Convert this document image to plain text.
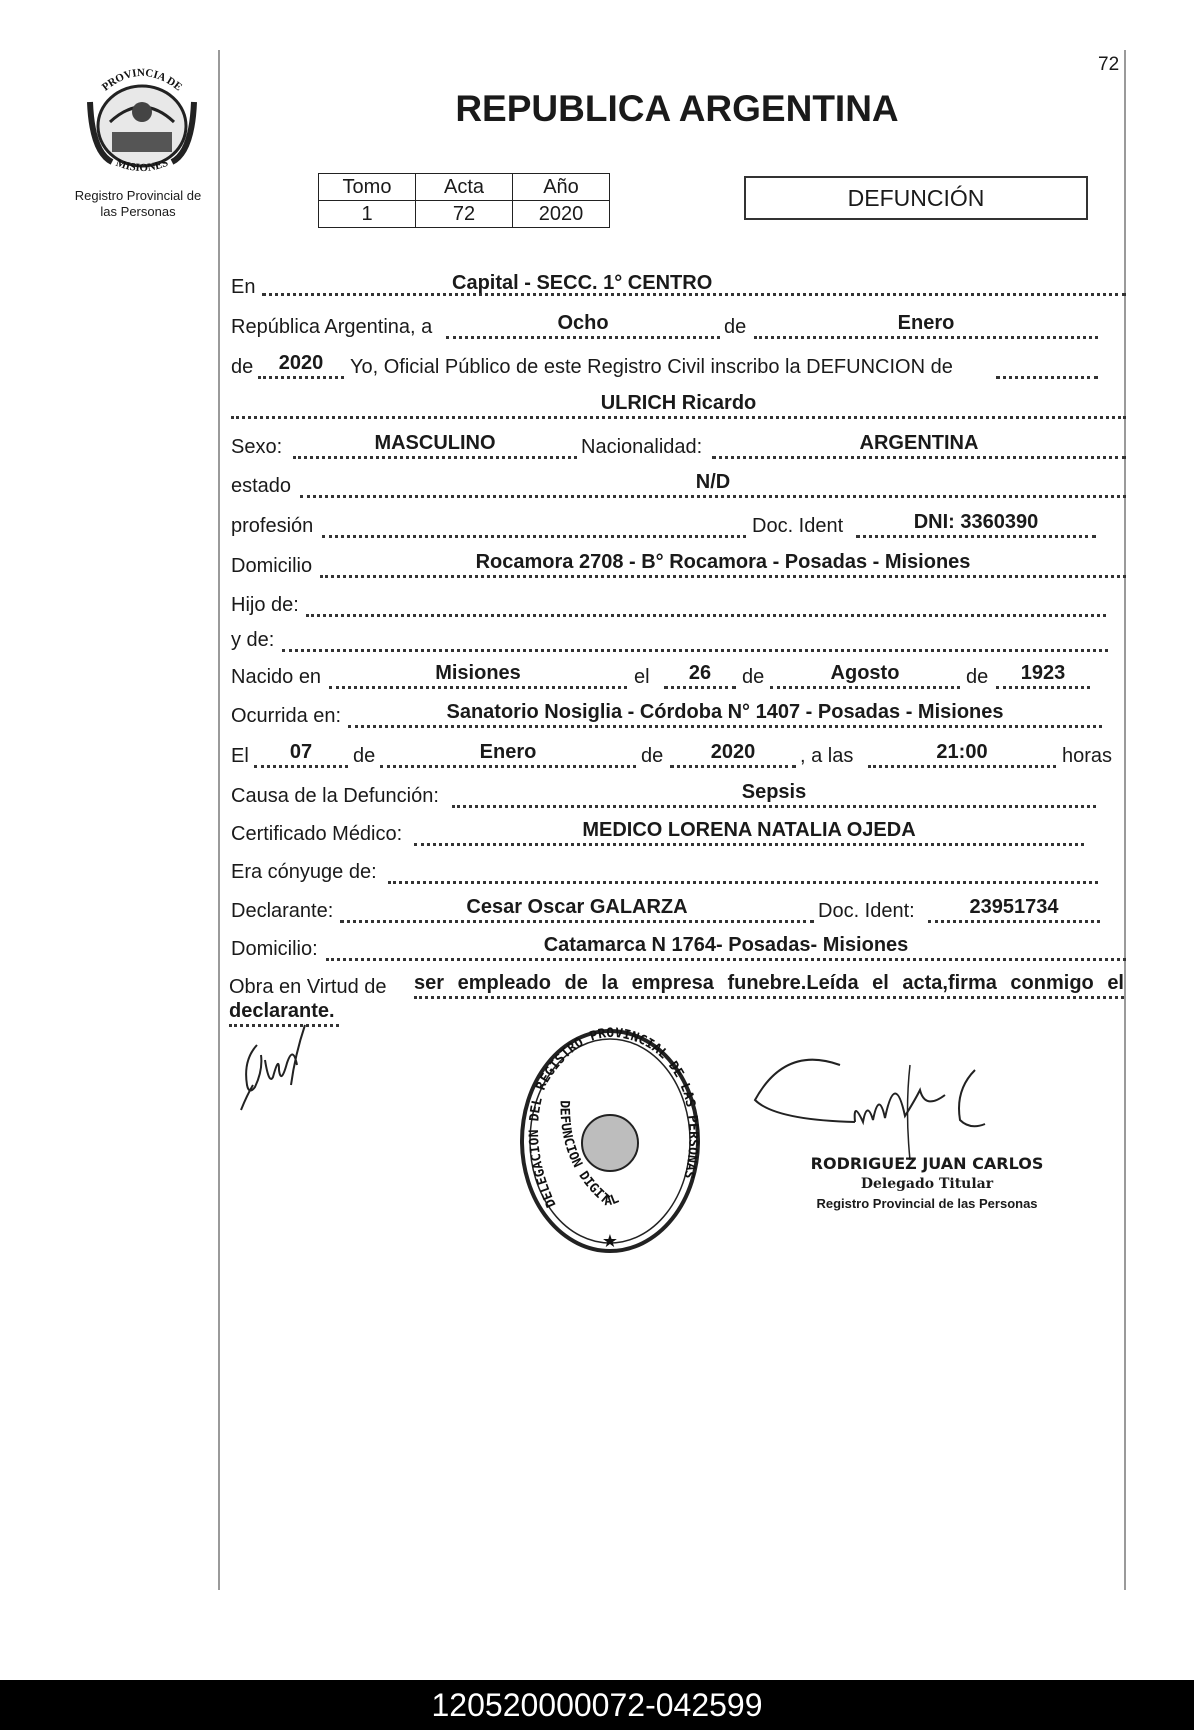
PROVINCIA DE
MISIONES
Registro Provincial de
las Personas
72
REPUBLICA ARGENTINA
Tomo	Acta	Año
1	72	2020
DEFUNCIÓN
En	Capital - SECC. 1° CENTRO
República Argentina, a	Ocho	de	Enero
de	2020	Yo, Oficial Público de este Registro Civil inscribo la DEFUNCION de
ULRICH Ricardo
Sexo:	MASCULINO	Nacionalidad:	ARGENTINA
estado	N/D
profesión	Doc. Ident	DNI: 3360390
Domicilio	Rocamora 2708 - B° Rocamora - Posadas - Misiones
Hijo de:
y de:
Nacido en	Misiones	el	26	de	Agosto	de	1923
Ocurrida en:	Sanatorio Nosiglia - Córdoba N° 1407 - Posadas - Misiones
El	07	de	Enero	de	2020	, a las	21:00	horas
Causa de la Defunción:	Sepsis
Certificado Médico:	MEDICO LORENA NATALIA OJEDA
Era cónyuge de:
Declarante:	Cesar Oscar GALARZA	Doc. Ident:	23951734
Domicilio:	Catamarca N 1764- Posadas- Misiones
Obra en Virtud de ser empleado de la empresa funebre.Leída el acta,firma conmigo el
declarante.
DELEGACION DEL REGISTRO PROVINCIAL DE LAS PERSONAS
DEFUNCION DIGITAL
★
RODRIGUEZ JUAN CARLOS
Delegado Titular
Registro Provincial de las Personas
120520000072-042599
